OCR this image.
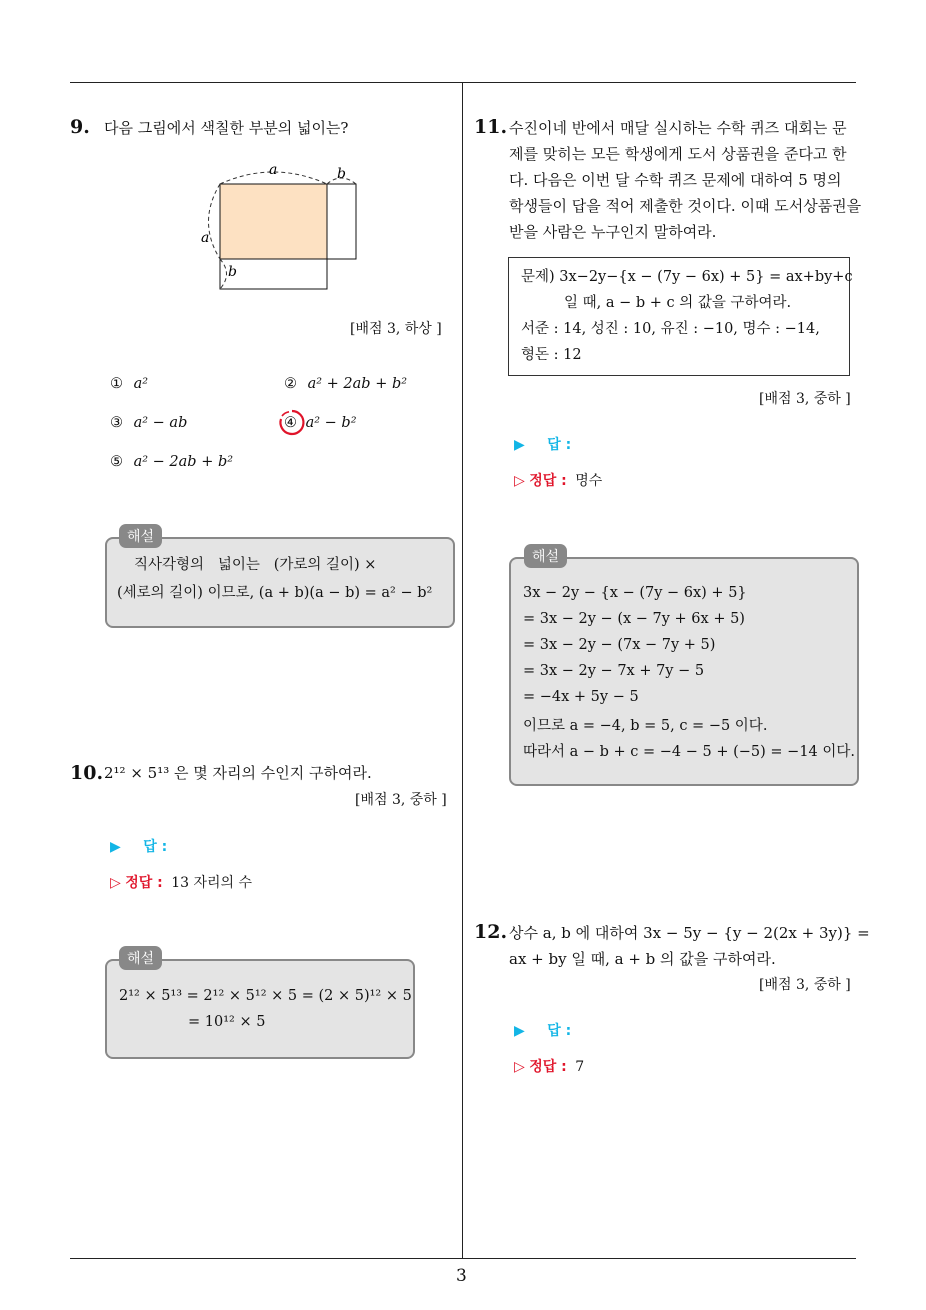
9. 다음 그림에서 색칠한 부분의 넓이는?
a	b
a
b
[배점 3, 하상 ]
① a²	② a² + 2ab + b²
③ a² − ab	④ a² − b²
⑤ a² − 2ab + b²
해설
직사각형의   넓이는   (가로의 길이) ×
(세로의 길이) 이므로, (a + b)(a − b) = a² − b²
10. 2¹² × 5¹³ 은 몇 자리의 수인지 구하여라.
[배점 3, 중하 ]
▶ 답 :
▷ 정답 : 13 자리의 수
해설
2¹² × 5¹³ = 2¹² × 5¹² × 5 = (2 × 5)¹² × 5
= 10¹² × 5
11. 수진이네 반에서 매달 실시하는 수학 퀴즈 대회는 문
제를 맞히는 모든 학생에게 도서 상품권을 준다고 한
다. 다음은 이번 달 수학 퀴즈 문제에 대하여 5 명의
학생들이 답을 적어 제출한 것이다. 이때 도서상품권을
받을 사람은 누구인지 말하여라.
문제) 3x−2y−{x − (7y − 6x) + 5} = ax+by+c
일 때, a − b + c 의 값을 구하여라.
서준 : 14, 성진 : 10, 유진 : −10, 명수 : −14,
형돈 : 12
[배점 3, 중하 ]
▶ 답 :
▷ 정답 : 명수
해설
3x − 2y − {x − (7y − 6x) + 5}
= 3x − 2y − (x − 7y + 6x + 5)
= 3x − 2y − (7x − 7y + 5)
= 3x − 2y − 7x + 7y − 5
= −4x + 5y − 5
이므로 a = −4, b = 5, c = −5 이다.
따라서 a − b + c = −4 − 5 + (−5) = −14 이다.
12. 상수 a, b 에 대하여 3x − 5y − {y − 2(2x + 3y)} =
ax + by 일 때, a + b 의 값을 구하여라.
[배점 3, 중하 ]
▶ 답 :
▷ 정답 : 7
3
